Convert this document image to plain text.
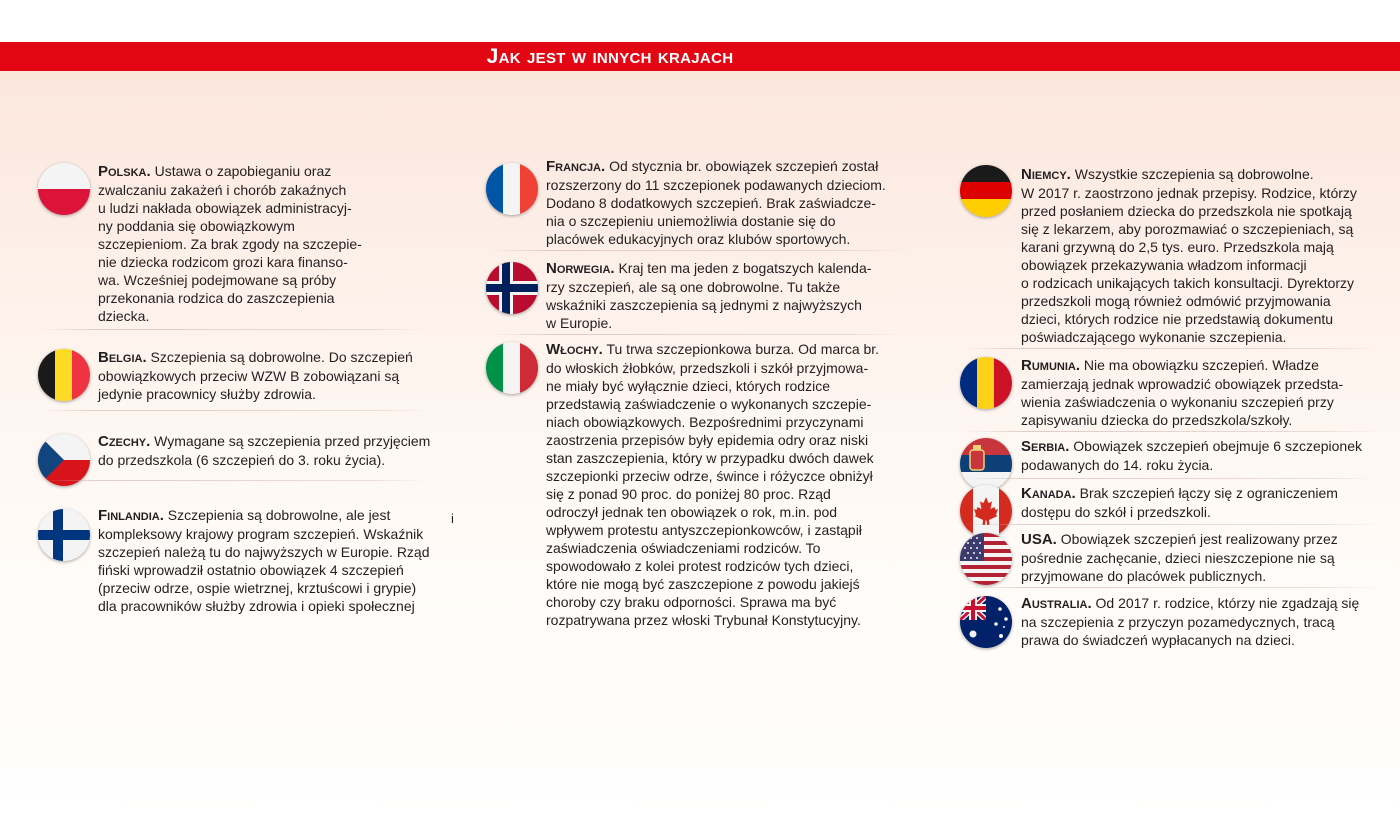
Jak jest w innych krajach
Polska. Ustawa o zapobieganiu oraz
zwalczaniu zakażeń i chorób zakaźnych
u ludzi nakłada obowiązek administracyj-
ny poddania się obowiązkowym
szczepieniom. Za brak zgody na szczepie-
nie dziecka rodzicom grozi kara finanso-
wa. Wcześniej podejmowane są próby
przekonania rodzica do zaszczepienia
dziecka.
Belgia. Szczepienia są dobrowolne. Do szczepień
obowiązkowych przeciw WZW B zobowiązani są
jedynie pracownicy służby zdrowia.
Czechy. Wymagane są szczepienia przed przyjęciem
do przedszkola (6 szczepień do 3. roku życia).
Finlandia. Szczepienia są dobrowolne, ale jest
kompleksowy krajowy program szczepień. Wskaźnik
szczepień należą tu do najwyższych w Europie. Rząd
fiński wprowadził ostatnio obowiązek 4 szczepień
(przeciw odrze, ospie wietrznej, krztuścowi i grypie)
dla pracowników służby zdrowia i opieki społecznej
i
Francja. Od stycznia br. obowiązek szczepień został
rozszerzony do 11 szczepionek podawanych dzieciom.
Dodano 8 dodatkowych szczepień. Brak zaświadcze-
nia o szczepieniu uniemożliwia dostanie się do
placówek edukacyjnych oraz klubów sportowych.
Norwegia. Kraj ten ma jeden z bogatszych kalenda-
rzy szczepień, ale są one dobrowolne. Tu także
wskaźniki zaszczepienia są jednymi z najwyższych
w Europie.
Włochy. Tu trwa szczepionkowa burza. Od marca br.
do włoskich żłobków, przedszkoli i szkół przyjmowa-
ne miały być wyłącznie dzieci, których rodzice
przedstawią zaświadczenie o wykonanych szczepie-
niach obowiązkowych. Bezpośrednimi przyczynami
zaostrzenia przepisów były epidemia odry oraz niski
stan zaszczepienia, który w przypadku dwóch dawek
szczepionki przeciw odrze, śwince i różyczce obniżył
się z ponad 90 proc. do poniżej 80 proc. Rząd
odroczył jednak ten obowiązek o rok, m.in. pod
wpływem protestu antyszczepionkowców, i zastąpił
zaświadczenia oświadczeniami rodziców. To
spowodowało z kolei protest rodziców tych dzieci,
które nie mogą być zaszczepione z powodu jakiejś
choroby czy braku odporności. Sprawa ma być
rozpatrywana przez włoski Trybunał Konstytucyjny.
Niemcy. Wszystkie szczepienia są dobrowolne.
W 2017 r. zaostrzono jednak przepisy. Rodzice, którzy
przed posłaniem dziecka do przedszkola nie spotkają
się z lekarzem, aby porozmawiać o szczepieniach, są
karani grzywną do 2,5 tys. euro. Przedszkola mają
obowiązek przekazywania władzom informacji
o rodzicach unikających takich konsultacji. Dyrektorzy
przedszkoli mogą również odmówić przyjmowania
dzieci, których rodzice nie przedstawią dokumentu
poświadczającego wykonanie szczepienia.
Rumunia. Nie ma obowiązku szczepień. Władze
zamierzają jednak wprowadzić obowiązek przedsta-
wienia zaświadczenia o wykonaniu szczepień przy
zapisywaniu dziecka do przedszkola/szkoły.
Serbia. Obowiązek szczepień obejmuje 6 szczepionek
podawanych do 14. roku życia.
Kanada. Brak szczepień łączy się z ograniczeniem
dostępu do szkół i przedszkoli.
USA. Obowiązek szczepień jest realizowany przez
pośrednie zachęcanie, dzieci nieszczepione nie są
przyjmowane do placówek publicznych.
Australia. Od 2017 r. rodzice, którzy nie zgadzają się
na szczepienia z przyczyn pozamedycznych, tracą
prawa do świadczeń wypłacanych na dzieci.
